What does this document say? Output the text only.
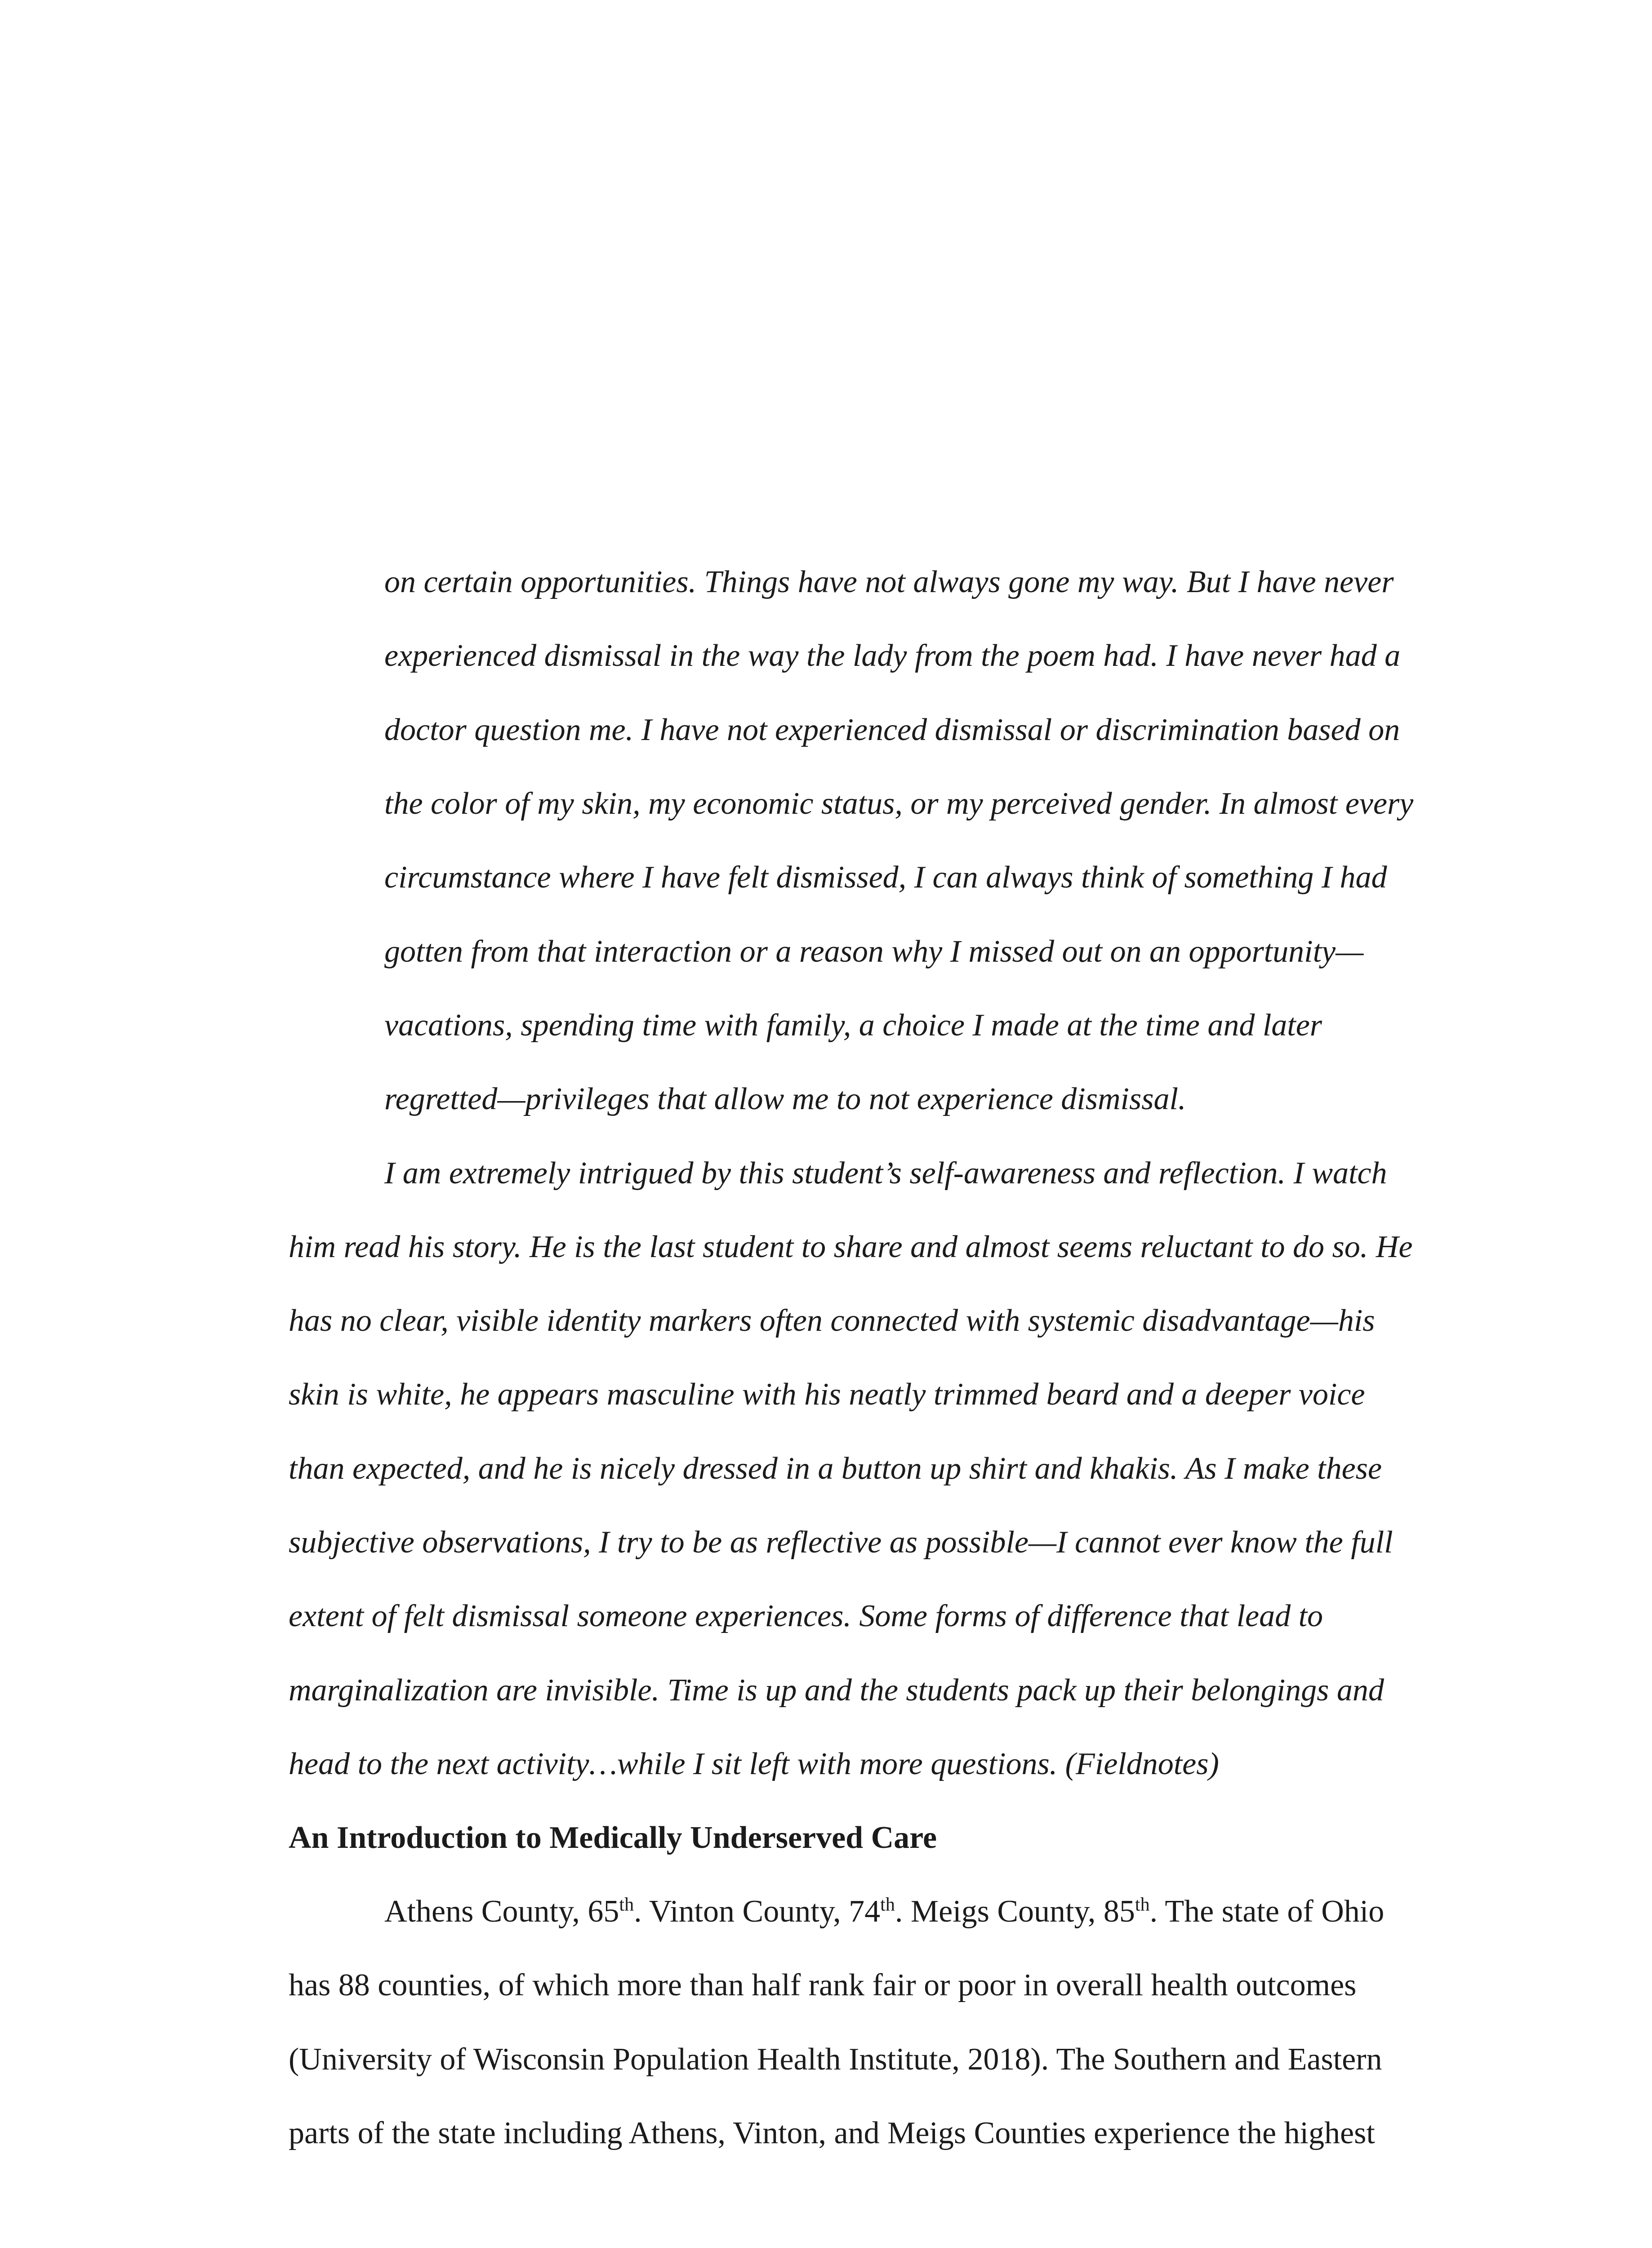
on certain opportunities. Things have not always gone my way. But I have never
experienced dismissal in the way the lady from the poem had. I have never had a
doctor question me. I have not experienced dismissal or discrimination based on
the color of my skin, my economic status, or my perceived gender. In almost every
circumstance where I have felt dismissed, I can always think of something I had
gotten from that interaction or a reason why I missed out on an opportunity—
vacations, spending time with family, a choice I made at the time and later
regretted—privileges that allow me to not experience dismissal.
I am extremely intrigued by this student’s self-awareness and reflection. I watch
him read his story. He is the last student to share and almost seems reluctant to do so. He
has no clear, visible identity markers often connected with systemic disadvantage—his
skin is white, he appears masculine with his neatly trimmed beard and a deeper voice
than expected, and he is nicely dressed in a button up shirt and khakis. As I make these
subjective observations, I try to be as reflective as possible—I cannot ever know the full
extent of felt dismissal someone experiences. Some forms of difference that lead to
marginalization are invisible. Time is up and the students pack up their belongings and
head to the next activity…while I sit left with more questions. (Fieldnotes)
An Introduction to Medically Underserved Care
Athens County, 65th. Vinton County, 74th. Meigs County, 85th. The state of Ohio
has 88 counties, of which more than half rank fair or poor in overall health outcomes
(University of Wisconsin Population Health Institute, 2018). The Southern and Eastern
parts of the state including Athens, Vinton, and Meigs Counties experience the highest
